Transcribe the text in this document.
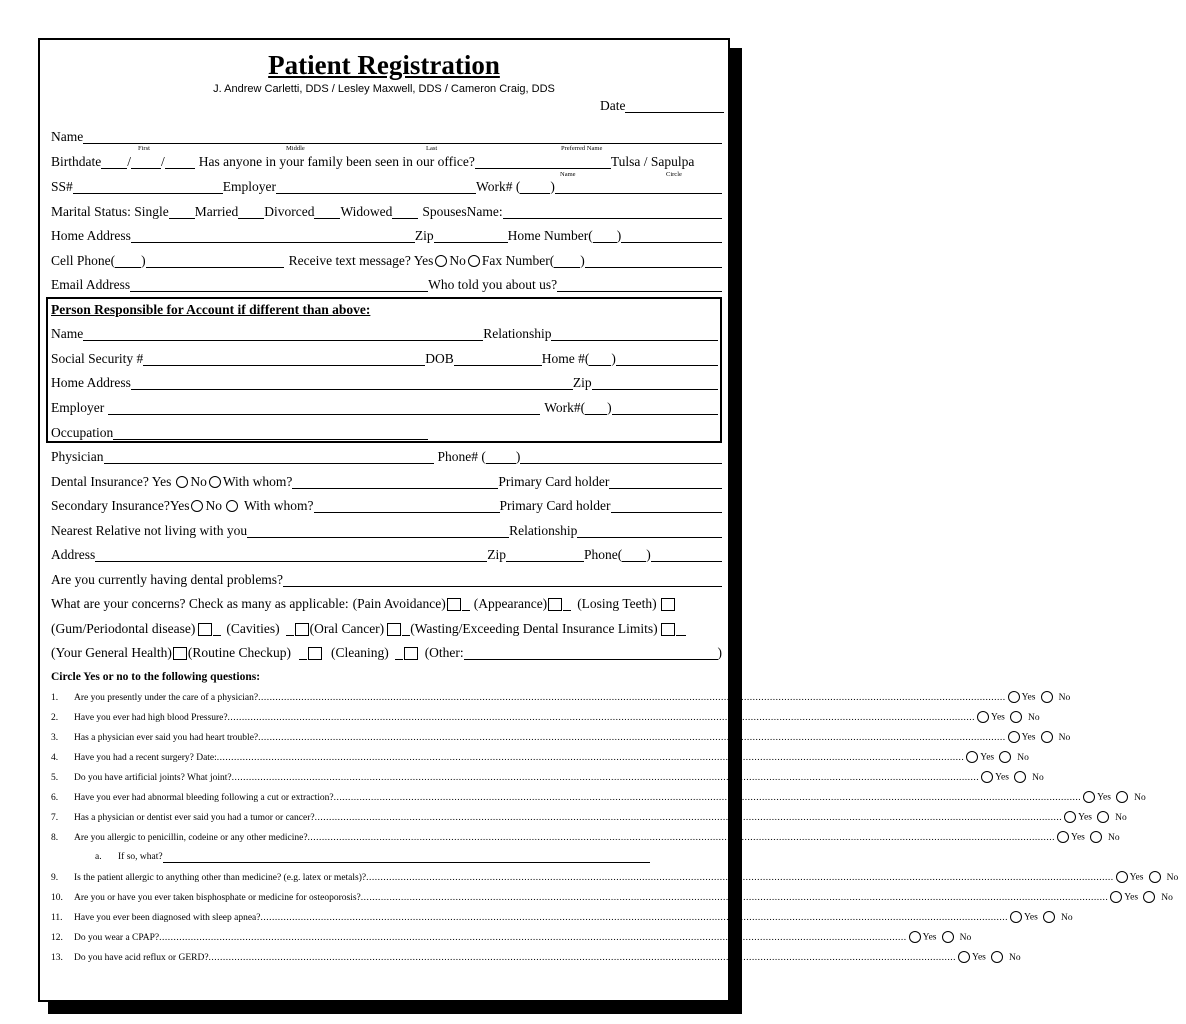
Patient Registration
J. Andrew Carletti, DDS / Lesley Maxwell, DDS / Cameron Craig, DDS
Date
Name
First	Middle	Last	Preferred Name
Birthdate / /	Has anyone in your family been seen in our office?	Tulsa / Sapulpa
Name	Circle
SS#	Employer	Work# ( )
Marital Status: Single Married Divorced Widowed SpousesName:
Home Address	Zip	Home Number( )
Cell Phone( )	Receive text message? Yes No Fax Number( )
Email Address	Who told you about us?
Person Responsible for Account if different than above:
Name	Relationship
Social Security #	DOB	Home #( )
Home Address	Zip
Employer	Work#( )
Occupation
Physician	Phone# ( )
Dental Insurance? Yes No With whom?	Primary Card holder
Secondary Insurance?Yes No With whom?	Primary Card holder
Nearest Relative not living with you	Relationship
Address	Zip	Phone( )
Are you currently having dental problems?
What are your concerns? Check as many as applicable: (Pain Avoidance) (Appearance) (Losing Teeth)
(Gum/Periodontal disease) (Cavities) (Oral Cancer) (Wasting/Exceeding Dental Insurance Limits)
(Your General Health) (Routine Checkup)	(Cleaning)	(Other:	)
Circle Yes or no to the following questions:
1.	Are you presently under the care of a physician? ....................................................................................................................................................................................................................................................................	Yes	No
2.	Have you ever had high blood Pressure? ....................................................................................................................................................................................................................................................................	Yes	No
3.	Has a physician ever said you had heart trouble? ....................................................................................................................................................................................................................................................................	Yes	No
4.	Have you had a recent surgery? Date: ....................................................................................................................................................................................................................................................................	Yes	No
5.	Do you have artificial joints? What joint? ....................................................................................................................................................................................................................................................................	Yes	No
6.	Have you ever had abnormal bleeding following a cut or extraction? ....................................................................................................................................................................................................................................................................	Yes	No
7.	Has a physician or dentist ever said you had a tumor or cancer? ....................................................................................................................................................................................................................................................................	Yes	No
8.	Are you allergic to penicillin, codeine or any other medicine? ....................................................................................................................................................................................................................................................................	Yes	No
a.	If so, what?
9.	Is the patient allergic to anything other than medicine? (e.g. latex or metals)? ....................................................................................................................................................................................................................................................................	Yes	No
10.	Are you or have you ever taken bisphosphate or medicine for osteoporosis? ....................................................................................................................................................................................................................................................................	Yes	No
11.	Have you ever been diagnosed with sleep apnea? ....................................................................................................................................................................................................................................................................	Yes	No
12.	Do you wear a CPAP? ....................................................................................................................................................................................................................................................................	Yes	No
13.	Do you have acid reflux or GERD? ....................................................................................................................................................................................................................................................................	Yes	No
